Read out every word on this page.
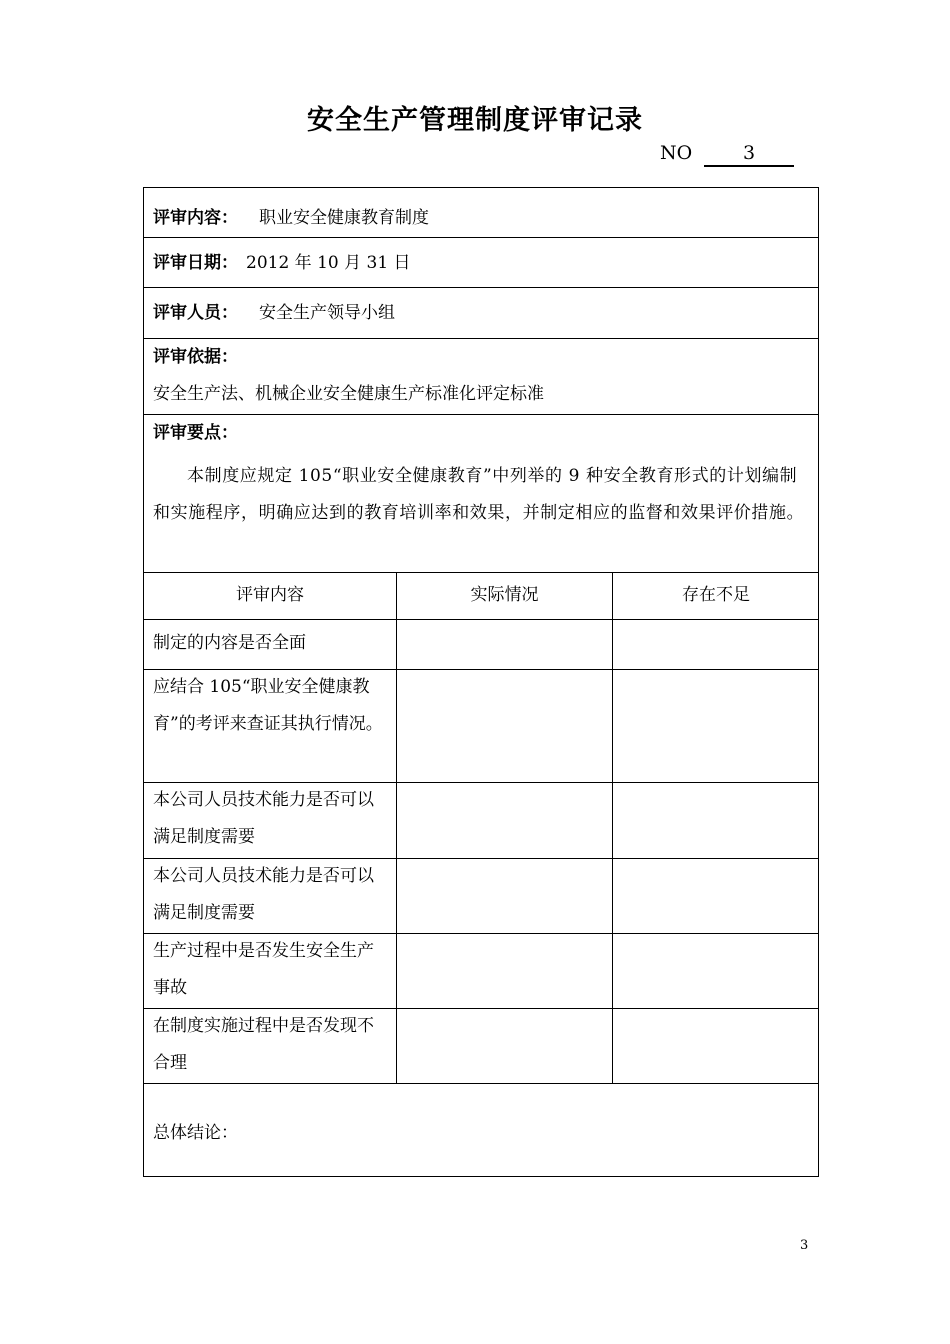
安全生产管理制度评审记录
NO	3
评审内容： 职业安全健康教育制度
评审日期： 2012 年 10 月 31 日
评审人员： 安全生产领导小组
评审依据：
安全生产法、机械企业安全健康生产标准化评定标准
评审要点：
本制度应规定 105“职业安全健康教育”中列举的 9 种安全教育形式的计划编制和实施程序，明确应达到的教育培训率和效果，并制定相应的监督和效果评价措施。
评审内容	实际情况	存在不足
制定的内容是否全面
应结合 105“职业安全健康教育”的考评来查证其执行情况。
本公司人员技术能力是否可以满足制度需要
本公司人员技术能力是否可以满足制度需要
生产过程中是否发生安全生产事故
在制度实施过程中是否发现不合理
总体结论：
3
